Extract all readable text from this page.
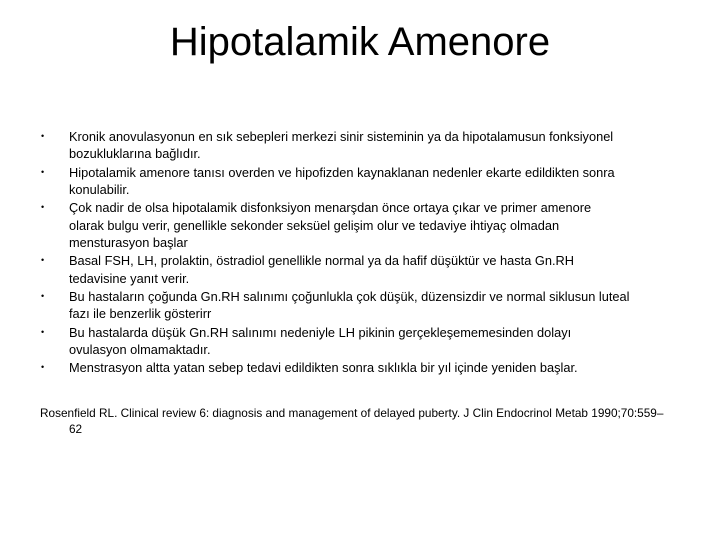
Hipotalamik Amenore
• Kronik anovulasyonun en sık sebepleri merkezi sinir sisteminin ya da hipotalamusun fonksiyonel
bozukluklarına bağlıdır.
• Hipotalamik amenore tanısı overden ve hipofizden kaynaklanan nedenler ekarte edildikten sonra
konulabilir.
• Çok nadir de olsa hipotalamik disfonksiyon menarşdan önce ortaya çıkar ve primer amenore
olarak bulgu verir, genellikle sekonder seksüel gelişim olur ve tedaviye ihtiyaç olmadan
mensturasyon başlar
• Basal FSH, LH, prolaktin, östradiol genellikle normal ya da hafif düşüktür ve hasta Gn.RH
tedavisine yanıt verir.
• Bu hastaların çoğunda Gn.RH salınımı çoğunlukla çok düşük, düzensizdir ve normal siklusun luteal
fazı ile benzerlik gösterirr
• Bu hastalarda düşük Gn.RH salınımı nedeniyle LH pikinin gerçekleşememesinden dolayı
ovulasyon olmamaktadır.
• Menstrasyon altta yatan sebep tedavi edildikten sonra sıklıkla bir yıl içinde yeniden başlar.
Rosenfield RL. Clinical review 6: diagnosis and management of delayed puberty. J Clin Endocrinol Metab 1990;70:559–
62
